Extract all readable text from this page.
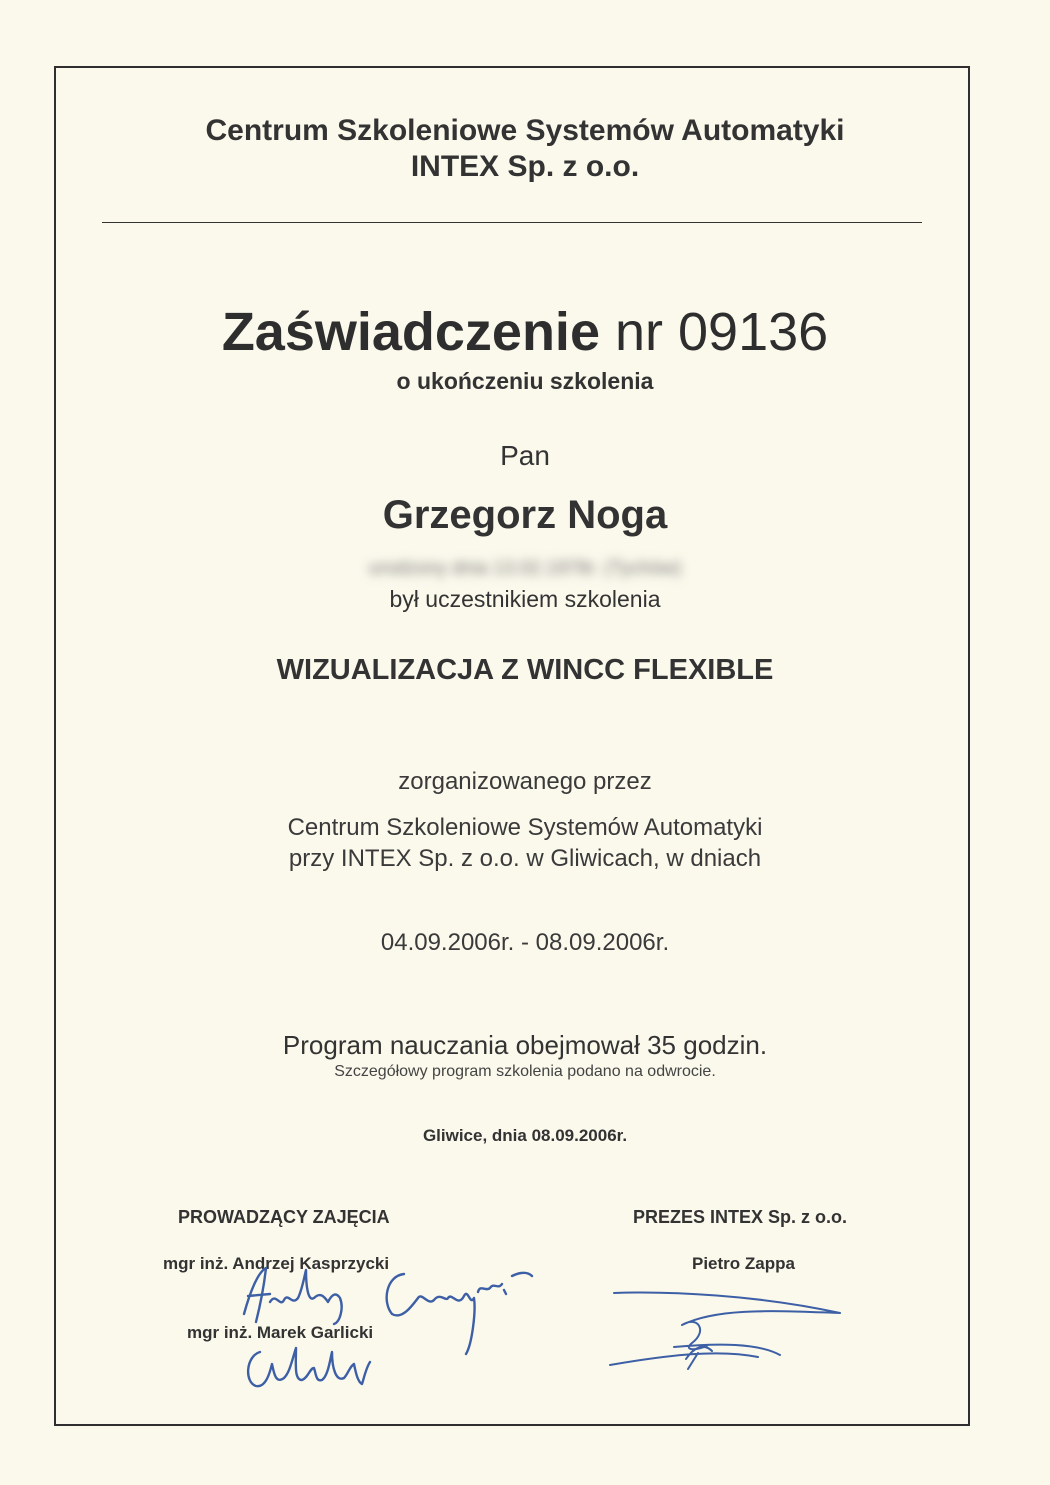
Centrum Szkoleniowe Systemów Automatyki
INTEX Sp. z o.o.
Zaświadczenie nr 09136
o ukończeniu szkolenia
Pan
Grzegorz Noga
urodzony dnia 13.02.1978r. (Tychów)
był uczestnikiem szkolenia
WIZUALIZACJA Z WINCC FLEXIBLE
zorganizowanego przez
Centrum Szkoleniowe Systemów Automatyki
przy INTEX Sp. z o.o. w Gliwicach, w dniach
04.09.2006r. - 08.09.2006r.
Program nauczania obejmował 35 godzin.
Szczegółowy program szkolenia podano na odwrocie.
Gliwice, dnia 08.09.2006r.
PROWADZĄCY ZAJĘCIA
mgr inż. Andrzej Kasprzycki
mgr inż. Marek Garlicki
PREZES INTEX Sp. z o.o.
Pietro Zappa
